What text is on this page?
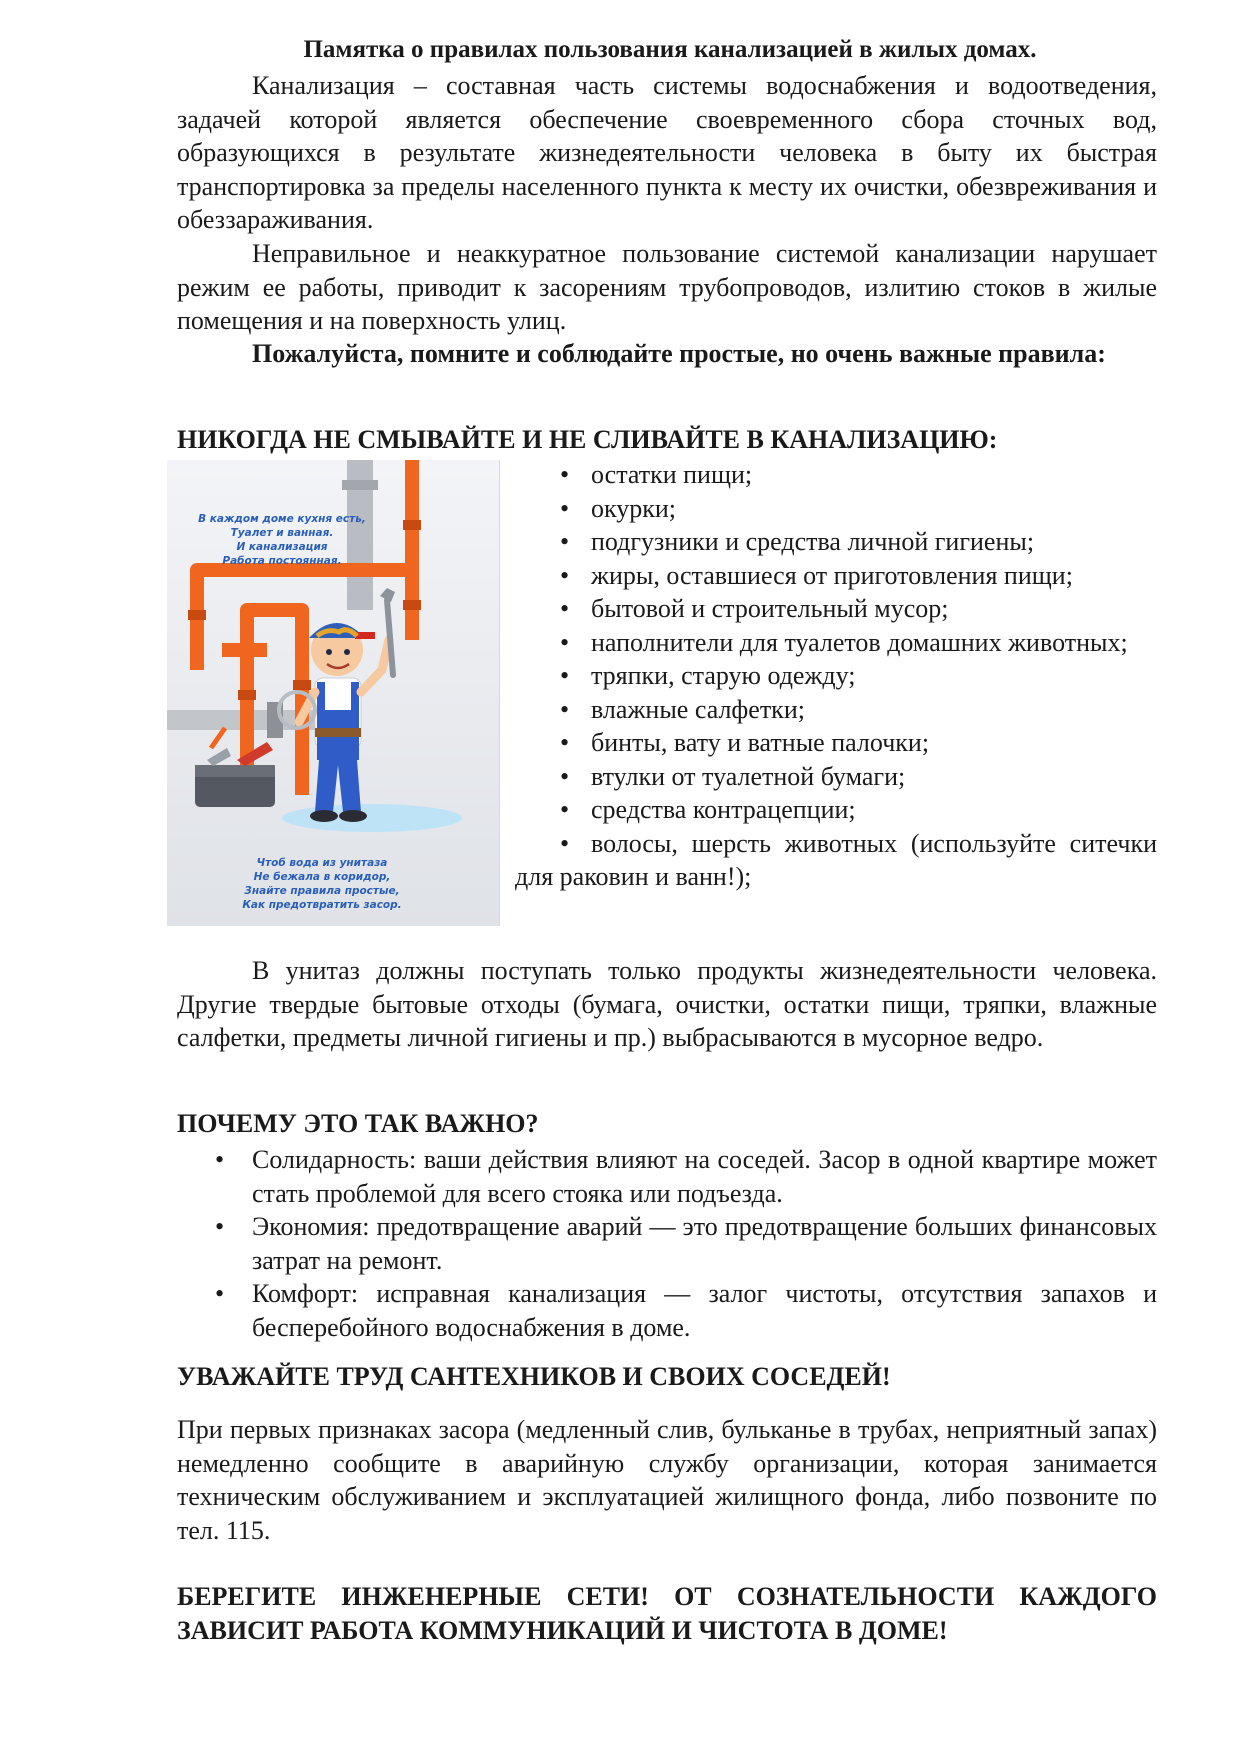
Памятка о правилах пользования канализацией в жилых домах.
Канализация – составная часть системы водоснабжения и водоотведения, задачей которой является обеспечение своевременного сбора сточных вод, образующихся в результате жизнедеятельности человека в быту их быстрая транспортировка за пределы населенного пункта к месту их очистки, обезвреживания и обеззараживания.
Неправильное и неаккуратное пользование системой канализации нарушает режим ее работы, приводит к засорениям трубопроводов, излитию стоков в жилые помещения и на поверхность улиц.
Пожалуйста, помните и соблюдайте простые, но очень важные правила:
НИКОГДА НЕ СМЫВАЙТЕ И НЕ СЛИВАЙТЕ В КАНАЛИЗАЦИЮ:
В каждом доме кухня есть,
Туалет и ванная.
И канализация
Работа постоянная.
Чтоб вода из унитаза
Не бежала в коридор,
Знайте правила простые,
Как предотвратить засор.
• остатки пищи;
• окурки;
• подгузники и средства личной гигиены;
• жиры, оставшиеся от приготовления пищи;
• бытовой и строительный мусор;
• наполнители для туалетов домашних животных;
• тряпки, старую одежду;
• влажные салфетки;
• бинты, вату и ватные палочки;
• втулки от туалетной бумаги;
• средства контрацепции;
• волосы, шерсть животных (используйте ситечки для раковин и ванн!);
В унитаз должны поступать только продукты жизнедеятельности человека. Другие твердые бытовые отходы (бумага, очистки, остатки пищи, тряпки, влажные салфетки, предметы личной гигиены и пр.) выбрасываются в мусорное ведро.
ПОЧЕМУ ЭТО ТАК ВАЖНО?
• Солидарность: ваши действия влияют на соседей. Засор в одной квартире может стать проблемой для всего стояка или подъезда.
• Экономия: предотвращение аварий — это предотвращение больших финансовых затрат на ремонт.
• Комфорт: исправная канализация — залог чистоты, отсутствия запахов и бесперебойного водоснабжения в доме.
УВАЖАЙТЕ ТРУД САНТЕХНИКОВ И СВОИХ СОСЕДЕЙ!
При первых признаках засора (медленный слив, бульканье в трубах, неприятный запах) немедленно сообщите в аварийную службу организации, которая занимается техническим обслуживанием и эксплуатацией жилищного фонда, либо позвоните по тел. 115.
БЕРЕГИТЕ ИНЖЕНЕРНЫЕ СЕТИ! ОТ СОЗНАТЕЛЬНОСТИ КАЖДОГО ЗАВИСИТ РАБОТА КОММУНИКАЦИЙ И ЧИСТОТА В ДОМЕ!
